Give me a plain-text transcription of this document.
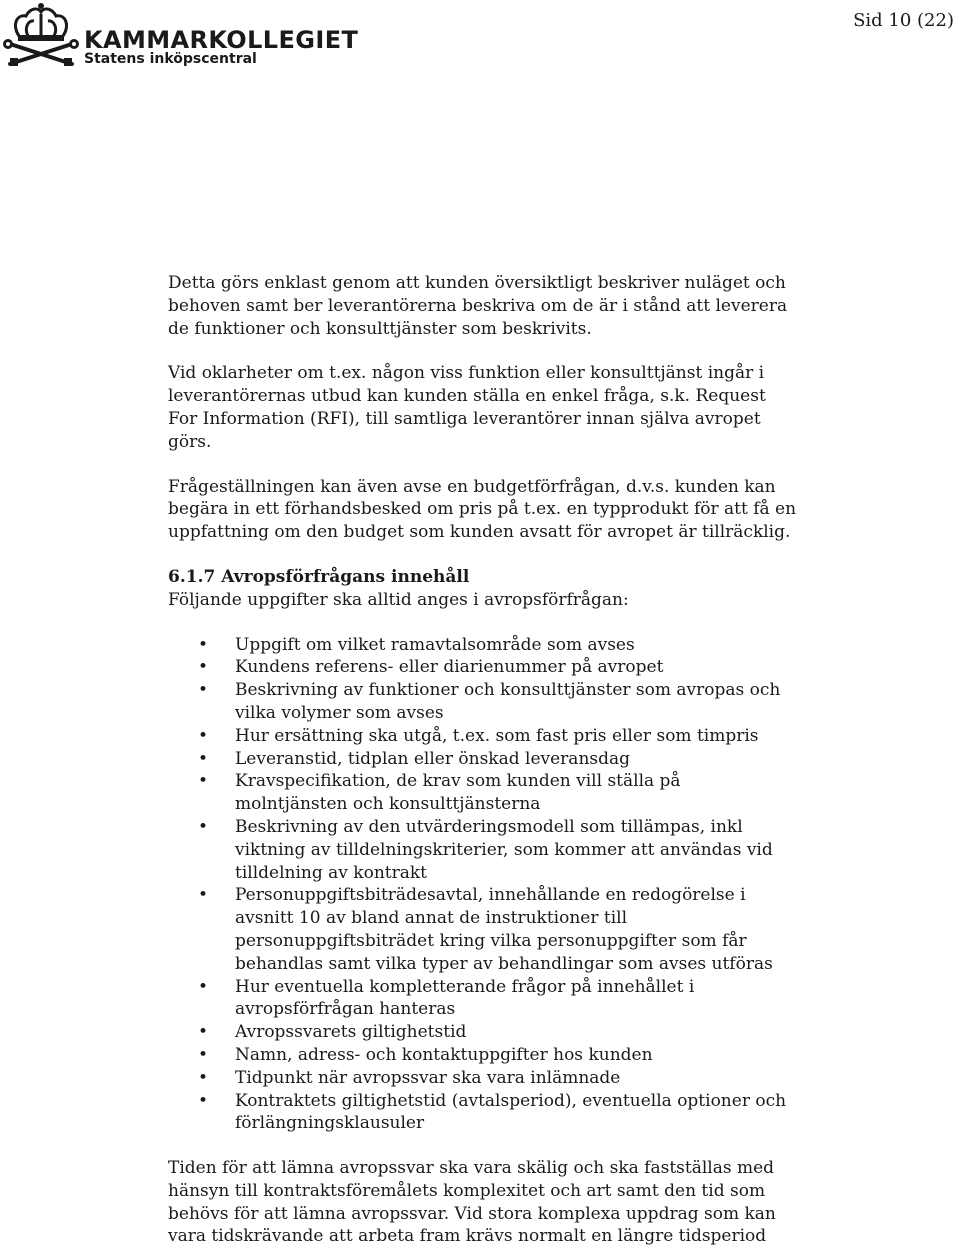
KAMMARKOLLEGIET
Statens inköpscentral
Sid 10 (22)

Detta görs enklast genom att kunden översiktligt beskriver nuläget och behoven samt ber leverantörerna beskriva om de är i stånd att leverera de funktioner och konsulttjänster som beskrivits.

Vid oklarheter om t.ex. någon viss funktion eller konsulttjänst ingår i leverantörernas utbud kan kunden ställa en enkel fråga, s.k. Request For Information (RFI), till samtliga leverantörer innan själva avropet görs.

Frågeställningen kan även avse en budgetförfrågan, d.v.s. kunden kan begära in ett förhandsbesked om pris på t.ex. en typprodukt för att få en uppfattning om den budget som kunden avsatt för avropet är tillräcklig.

6.1.7 Avropsförfrågans innehåll

Följande uppgifter ska alltid anges i avropsförfrågan:

• Uppgift om vilket ramavtalsområde som avses
• Kundens referens- eller diarienummer på avropet
• Beskrivning av funktioner och konsulttjänster som avropas och vilka volymer som avses
• Hur ersättning ska utgå, t.ex. som fast pris eller som timpris
• Leveranstid, tidplan eller önskad leveransdag
• Kravspecifikation, de krav som kunden vill ställa på molntjänsten och konsulttjänsterna
• Beskrivning av den utvärderingsmodell som tillämpas, inkl viktning av tilldelningskriterier, som kommer att användas vid tilldelning av kontrakt
• Personuppgiftsbiträdesavtal, innehållande en redogörelse i avsnitt 10 av bland annat de instruktioner till personuppgiftsbiträdet kring vilka personuppgifter som får behandlas samt vilka typer av behandlingar som avses utföras
• Hur eventuella kompletterande frågor på innehållet i avropsförfrågan hanteras
• Avropssvarets giltighetstid
• Namn, adress- och kontaktuppgifter hos kunden
• Tidpunkt när avropssvar ska vara inlämnade
• Kontraktets giltighetstid (avtalsperiod), eventuella optioner och förlängningsklausuler

Tiden för att lämna avropssvar ska vara skälig och ska fastställas med hänsyn till kontraktsföremålets komplexitet och art samt den tid som behövs för att lämna avropssvar. Vid stora komplexa uppdrag som kan vara tidskrävande att arbeta fram krävs normalt en längre tidsperiod
